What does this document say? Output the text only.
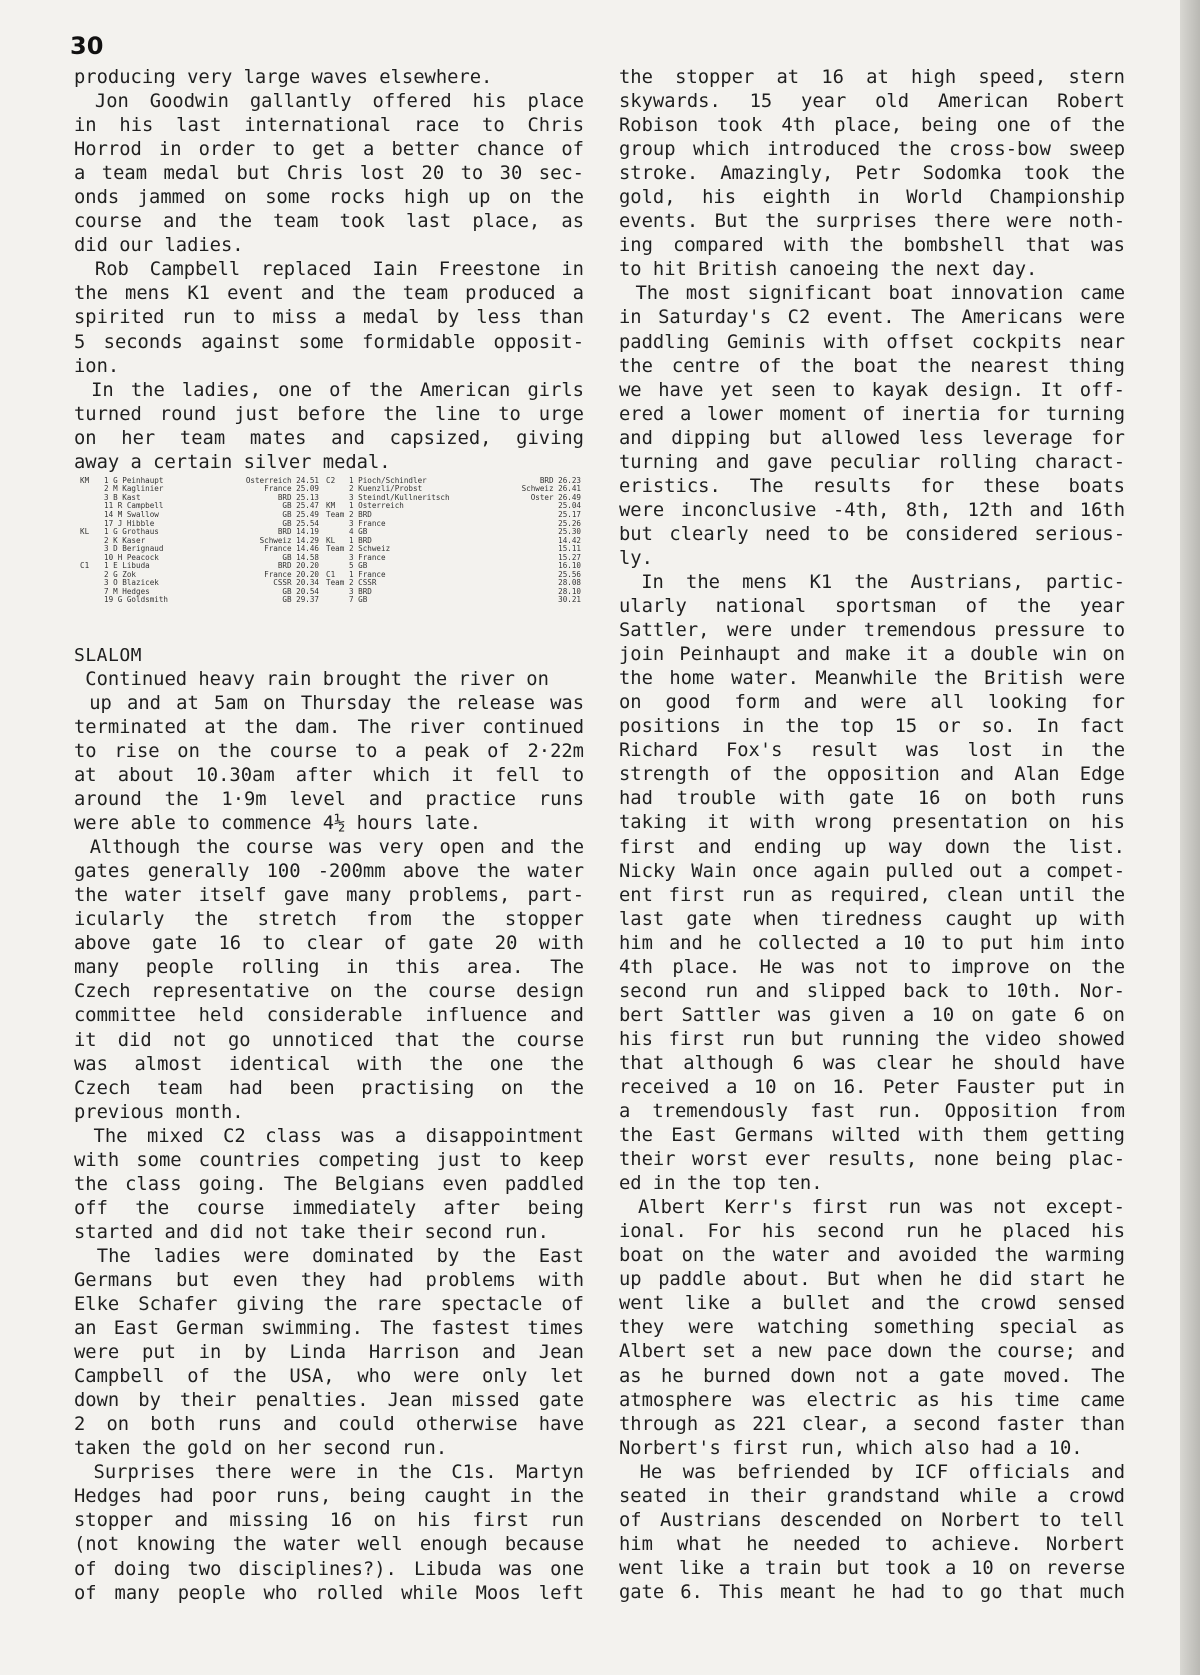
30
producing very large waves elsewhere.
Jon Goodwin gallantly offered his place
in his last international race to Chris
Horrod in order to get a better chance of
a team medal but Chris lost 20 to 30 sec-
onds jammed on some rocks high up on the
course and the team took last place, as
did our ladies.
Rob Campbell replaced Iain Freestone in
the mens K1 event and the team produced a
spirited run to miss a medal by less than
5 seconds against some formidable opposit-
ion.
In the ladies, one of the American girls
turned round just before the line to urge
on her team mates and capsized, giving
away a certain silver medal.
KM
KL
C1
1 G Peinhaupt
2 M Kaglinier
3 B Kast
11 R Campbell
14 M Swallow
17 J Hibble
1 G Grothaus
2 K Kaser
3 D Berignaud
10 H Peacock
1 E Libuda
2 G Zok
3 O Blazicek
7 M Hedges
19 G Goldsmith
Osterreich 24.51
France 25.09
BRD 25.13
GB 25.47
GB 25.49
GB 25.54
BRD 14.19
Schweiz 14.29
France 14.46
GB 14.58
BRD 20.20
France 20.20
CSSR 20.34
GB 20.54
GB 29.37
C2
KM
Team
KL
Team
C1
Team
1 Pioch/Schindler
2 Kuenzli/Probst
3 Steindl/Kullneritsch
1 Osterreich
2 BRD
3 France
4 GB
1 BRD
2 Schweiz
3 France
5 GB
1 France
2 CSSR
3 BRD
7 GB
BRD 26.23
Schweiz 26.41
Oster 26.49
25.04
25.17
25.26
25.30
14.42
15.11
15.27
16.10
25.56
28.08
28.10
30.21
SLALOM
Continued heavy rain brought the river on
up and at 5am on Thursday the release was
terminated at the dam. The river continued
to rise on the course to a peak of 2·22m
at about 10.30am after which it fell to
around the 1·9m level and practice runs
were able to commence 4½ hours late.
Although the course was very open and the
gates generally 100 -200mm above the water
the water itself gave many problems, part-
icularly the stretch from the stopper
above gate 16 to clear of gate 20 with
many people rolling in this area. The
Czech representative on the course design
committee held considerable influence and
it did not go unnoticed that the course
was almost identical with the one the
Czech team had been practising on the
previous month.
The mixed C2 class was a disappointment
with some countries competing just to keep
the class going. The Belgians even paddled
off the course immediately after being
started and did not take their second run.
The ladies were dominated by the East
Germans but even they had problems with
Elke Schafer giving the rare spectacle of
an East German swimming. The fastest times
were put in by Linda Harrison and Jean
Campbell of the USA, who were only let
down by their penalties. Jean missed gate
2 on both runs and could otherwise have
taken the gold on her second run.
Surprises there were in the C1s. Martyn
Hedges had poor runs, being caught in the
stopper and missing 16 on his first run
(not knowing the water well enough because
of doing two disciplines?). Libuda was one
of many people who rolled while Moos left
the stopper at 16 at high speed, stern
skywards. 15 year old American Robert
Robison took 4th place, being one of the
group which introduced the cross-bow sweep
stroke. Amazingly, Petr Sodomka took the
gold, his eighth in World Championship
events. But the surprises there were noth-
ing compared with the bombshell that was
to hit British canoeing the next day.
The most significant boat innovation came
in Saturday's C2 event. The Americans were
paddling Geminis with offset cockpits near
the centre of the boat the nearest thing
we have yet seen to kayak design. It off-
ered a lower moment of inertia for turning
and dipping but allowed less leverage for
turning and gave peculiar rolling charact-
eristics. The results for these boats
were inconclusive -4th, 8th, 12th and 16th
but clearly need to be considered serious-
ly.
In the mens K1 the Austrians, partic-
ularly national sportsman of the year
Sattler, were under tremendous pressure to
join Peinhaupt and make it a double win on
the home water. Meanwhile the British were
on good form and were all looking for
positions in the top 15 or so. In fact
Richard Fox's result was lost in the
strength of the opposition and Alan Edge
had trouble with gate 16 on both runs
taking it with wrong presentation on his
first and ending up way down the list.
Nicky Wain once again pulled out a compet-
ent first run as required, clean until the
last gate when tiredness caught up with
him and he collected a 10 to put him into
4th place. He was not to improve on the
second run and slipped back to 10th. Nor-
bert Sattler was given a 10 on gate 6 on
his first run but running the video showed
that although 6 was clear he should have
received a 10 on 16. Peter Fauster put in
a tremendously fast run. Opposition from
the East Germans wilted with them getting
their worst ever results, none being plac-
ed in the top ten.
Albert Kerr's first run was not except-
ional. For his second run he placed his
boat on the water and avoided the warming
up paddle about. But when he did start he
went like a bullet and the crowd sensed
they were watching something special as
Albert set a new pace down the course; and
as he burned down not a gate moved. The
atmosphere was electric as his time came
through as 221 clear, a second faster than
Norbert's first run, which also had a 10.
He was befriended by ICF officials and
seated in their grandstand while a crowd
of Austrians descended on Norbert to tell
him what he needed to achieve. Norbert
went like a train but took a 10 on reverse
gate 6. This meant he had to go that much
